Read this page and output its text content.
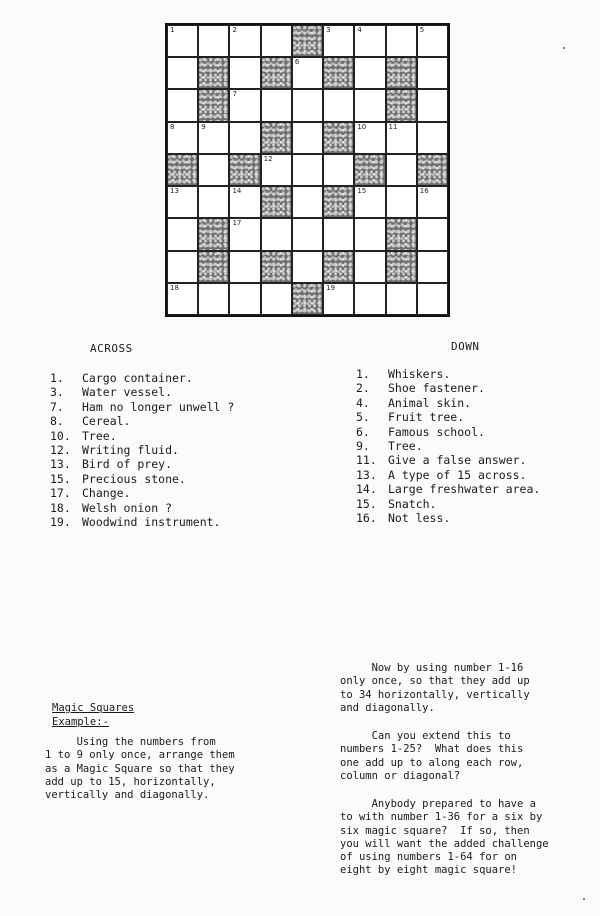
1	2	3	4	5
6
7
8	9	10	11
12
13	14	15	16
17
18	19
ACROSS	DOWN
1. Cargo container.
3. Water vessel.
7. Ham no longer unwell ?
8. Cereal.
10. Tree.
12. Writing fluid.
13. Bird of prey.
15. Precious stone.
17. Change.
18. Welsh onion ?
19. Woodwind instrument.
1. Whiskers.
2. Shoe fastener.
4. Animal skin.
5. Fruit tree.
6. Famous school.
9. Tree.
11. Give a false answer.
13. A type of 15 across.
14. Large freshwater area.
15. Snatch.
16. Not less.
Magic Squares
Example:-
Using the numbers from
1 to 9 only once, arrange them
as a Magic Square so that they
add up to 15, horizontally,
vertically and diagonally.
Now by using number 1-16
only once, so that they add up
to 34 horizontally, vertically
and diagonally.
Can you extend this to
numbers 1-25?  What does this
one add up to along each row,
column or diagonal?
Anybody prepared to have a
to with number 1-36 for a six by
six magic square?  If so, then
you will want the added challenge
of using numbers 1-64 for on
eight by eight magic square!
